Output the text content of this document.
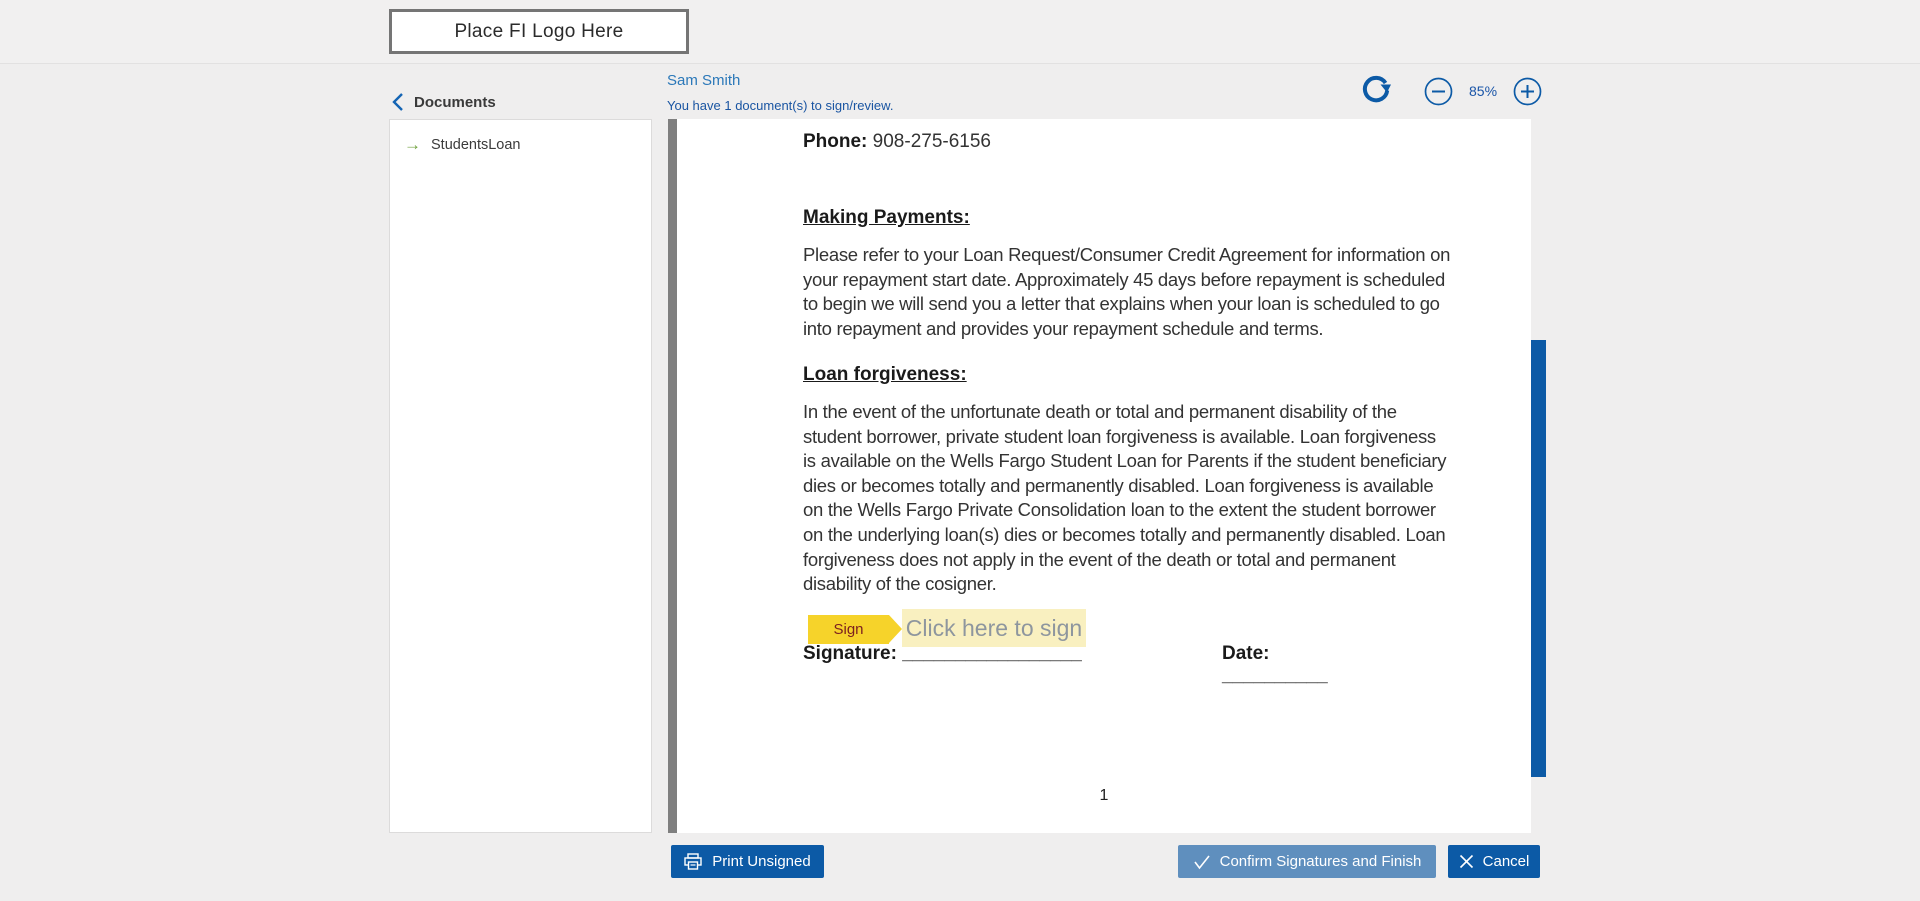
Place FI Logo Here
Documents
→ StudentsLoan
Sam Smith
You have 1 document(s) to sign/review.
85%
Phone: 908-275-6156
Making Payments:
Please refer to your Loan Request/Consumer Credit Agreement for information on your repayment start date. Approximately 45 days before repayment is scheduled to begin we will send you a letter that explains when your loan is scheduled to go into repayment and provides your repayment schedule and terms.
Loan forgiveness:
In the event of the unfortunate death or total and permanent disability of the student borrower, private student loan forgiveness is available. Loan forgiveness is available on the Wells Fargo Student Loan for Parents if the student beneficiary dies or becomes totally and permanently disabled. Loan forgiveness is available on the Wells Fargo Private Consolidation loan to the extent the student borrower on the underlying loan(s) dies or becomes totally and permanently disabled. Loan forgiveness does not apply in the event of the death or total and permanent disability of the cosigner.
Click here to sign
Sign
Signature: _________________	Date: __________
1
Print Unsigned	Confirm Signatures and Finish	Cancel
